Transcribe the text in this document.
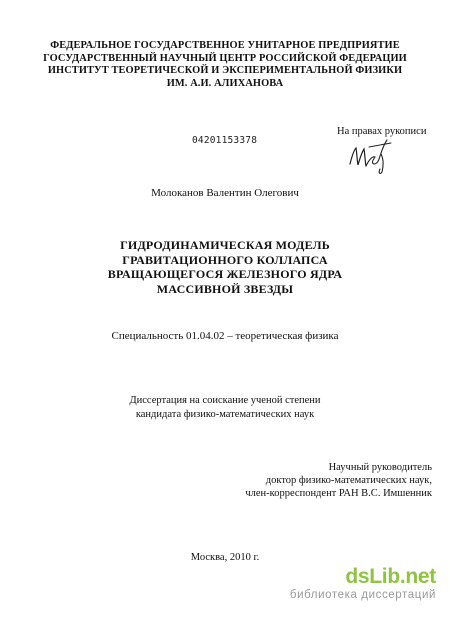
ФЕДЕРАЛЬНОЕ ГОСУДАРСТВЕННОЕ УНИТАРНОЕ ПРЕДПРИЯТИЕ
ГОСУДАРСТВЕННЫЙ НАУЧНЫЙ ЦЕНТР РОССИЙСКОЙ ФЕДЕРАЦИИ
ИНСТИТУТ ТЕОРЕТИЧЕСКОЙ И ЭКСПЕРИМЕНТАЛЬНОЙ ФИЗИКИ
ИМ. А.И. АЛИХАНОВА
04201153378
На правах рукописи
Молоканов Валентин Олегович
ГИДРОДИНАМИЧЕСКАЯ МОДЕЛЬ
ГРАВИТАЦИОННОГО КОЛЛАПСА
ВРАЩАЮЩЕГОСЯ ЖЕЛЕЗНОГО ЯДРА
МАССИВНОЙ ЗВЕЗДЫ
Специальность 01.04.02 – теоретическая физика
Диссертация на соискание ученой степени
кандидата физико-математических наук
Научный руководитель
доктор физико-математических наук,
член-корреспондент РАН В.С. Имшенник
Москва, 2010 г.
dsLib.net
библиотека диссертаций
